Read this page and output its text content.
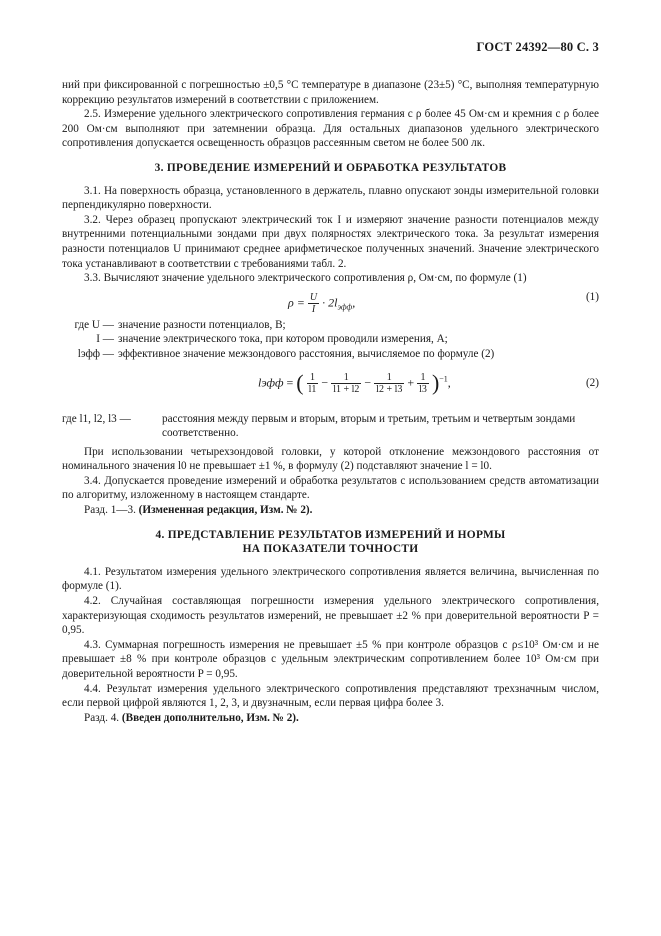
ГОСТ 24392—80 С. 3

ний при фиксированной с погрешностью ±0,5 °С температуре в диапазоне (23±5) °С, выполняя температурную коррекцию результатов измерений в соответствии с приложением.

2.5. Измерение удельного электрического сопротивления германия с ρ более 45 Ом·см и кремния с ρ более 200 Ом·см выполняют при затемнении образца. Для остальных диапазонов удельного электрического сопротивления допускается освещенность образцов рассеянным светом не более 500 лк.

3. ПРОВЕДЕНИЕ ИЗМЕРЕНИЙ И ОБРАБОТКА РЕЗУЛЬТАТОВ

3.1. На поверхность образца, установленного в держатель, плавно опускают зонды измерительной головки перпендикулярно поверхности.

3.2. Через образец пропускают электрический ток I и измеряют значение разности потенциалов между внутренними потенциальными зондами при двух полярностях электрического тока. За результат измерения разности потенциалов U принимают среднее арифметическое полученных значений. Значение электрического тока устанавливают в соответствии с требованиями табл. 2.

3.3. Вычисляют значение удельного электрического сопротивления ρ, Ом·см, по формуле (1)

$\rho = \frac{U}{I} \cdot 2l_{эфф}$,	(1)
где U — значение разности потенциалов, В;
I — значение электрического тока, при котором проводили измерения, А;
lэфф — эффективное значение межзондового расстояния, вычисляемое по формуле (2)
lэфф = ( $\frac{1}{l1} - \frac{1}{l1 + l2} - \frac{1}{l2 + l3} + \frac{1}{l3} )^{-1}$,	(2)
где l1, l2, l3 —	расстояния между первым и вторым, вторым и третьим, третьим и четвертым зондами соответственно.

При использовании четырехзондовой головки, у которой отклонение межзондового расстояния от номинального значения l0 не превышает ±1 %, в формулу (2) подставляют значение l = l0.

3.4. Допускается проведение измерений и обработка результатов с использованием средств автоматизации по алгоритму, изложенному в настоящем стандарте.

Разд. 1—3. (Измененная редакция, Изм. № 2).

4. ПРЕДСТАВЛЕНИЕ РЕЗУЛЬТАТОВ ИЗМЕРЕНИЙ И НОРМЫ
НА ПОКАЗАТЕЛИ ТОЧНОСТИ

4.1. Результатом измерения удельного электрического сопротивления является величина, вычисленная по формуле (1).

4.2. Случайная составляющая погрешности измерения удельного электрического сопротивления, характеризующая сходимость результатов измерений, не превышает ±2 % при доверительной вероятности P = 0,95.

4.3. Суммарная погрешность измерения не превышает ±5 % при контроле образцов с ρ≤10³ Ом·см и не превышает ±8 % при контроле образцов с удельным электрическим сопротивлением более 10³ Ом·см при доверительной вероятности P = 0,95.

4.4. Результат измерения удельного электрического сопротивления представляют трехзначным числом, если первой цифрой являются 1, 2, 3, и двузначным, если первая цифра более 3.

Разд. 4. (Введен дополнительно, Изм. № 2).
